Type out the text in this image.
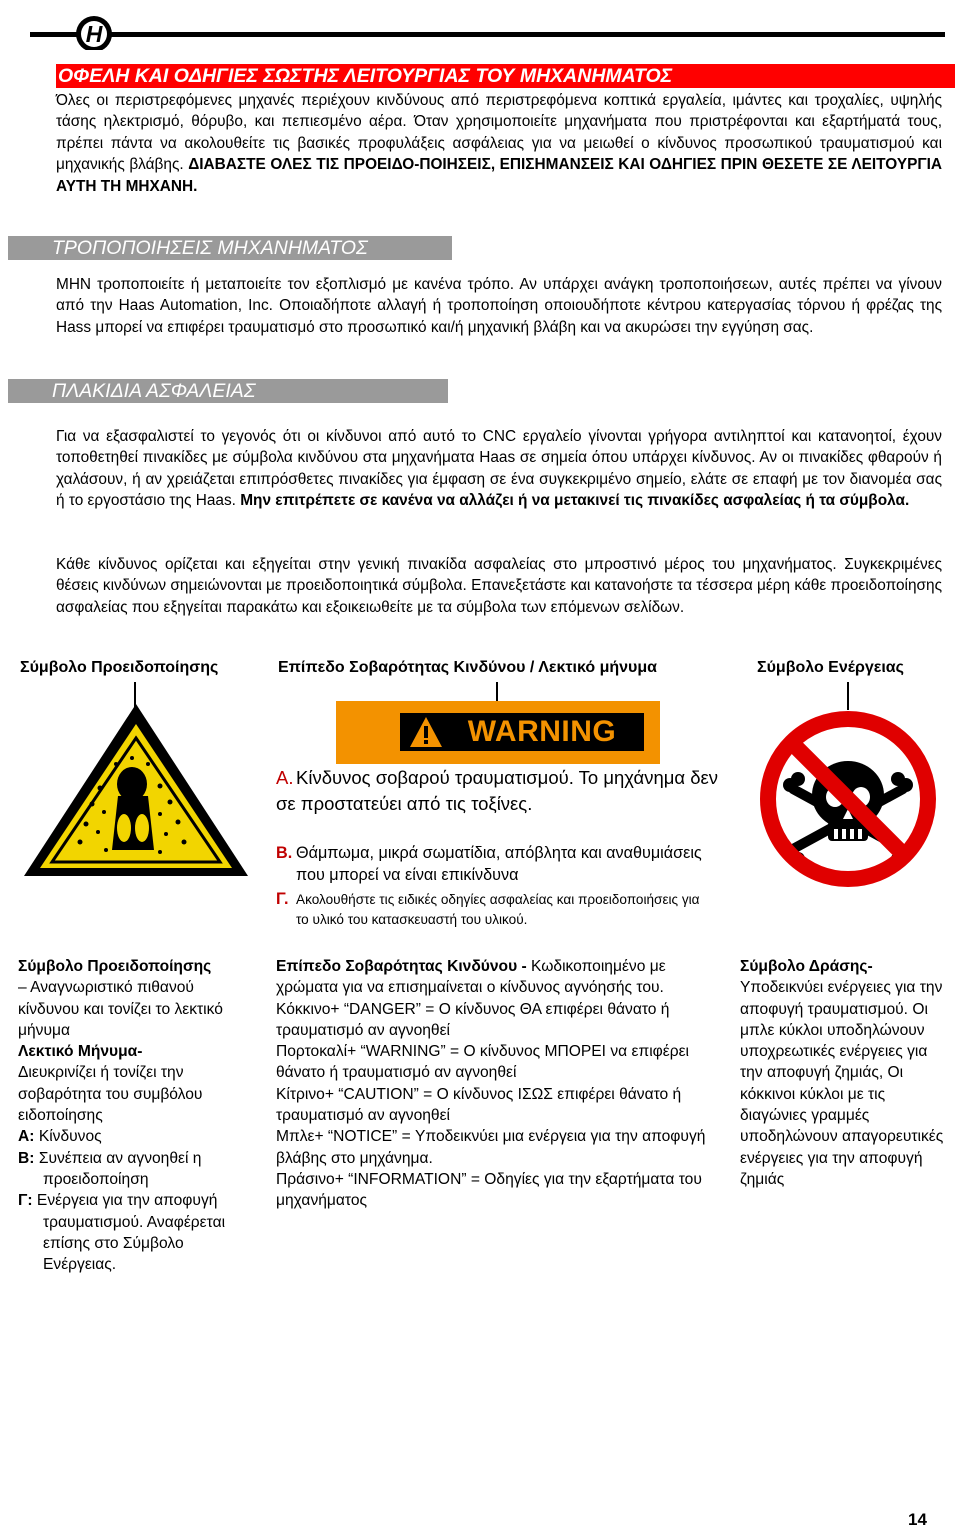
H
ΟΦΕΛΗ ΚΑΙ ΟΔΗΓΙΕΣ ΣΩΣΤΗΣ ΛΕΙΤΟΥΡΓΙΑΣ ΤΟΥ ΜΗΧΑΝΗΜΑΤΟΣ

Όλες οι περιστρεφόμενες μηχανές περιέχουν κινδύνους από περιστρεφόμενα κοπτικά εργαλεία, ιμάντες και τροχαλίες, υψηλής τάσης ηλεκτρισμό, θόρυβο, και πεπιεσμένο αέρα. Όταν χρησιμοποιείτε μηχανήματα που πριστρέφονται και εξαρτήματά τους, πρέπει πάντα να ακολουθείτε τις βασικές προφυλάξεις ασφάλειας για να μειωθεί ο κίνδυνος προσωπικού τραυματισμού και μηχανικής βλάβης. ΔΙΑΒΑΣΤΕ ΟΛΕΣ ΤΙΣ ΠΡΟΕΙΔΟ-ΠΟΙΗΣΕΙΣ, ΕΠΙΣΗΜΑΝΣΕΙΣ ΚΑΙ ΟΔΗΓΙΕΣ ΠΡΙΝ ΘΕΣΕΤΕ ΣΕ ΛΕΙΤΟΥΡΓΙΑ ΑΥΤΗ ΤΗ ΜΗΧΑΝΗ.

ΤΡΟΠΟΠΟΙΗΣΕΙΣ ΜΗΧΑΝΗΜΑΤΟΣ

ΜΗΝ τροποποιείτε ή μεταποιείτε τον εξοπλισμό με κανένα τρόπο. Αν υπάρχει ανάγκη τροποποιήσεων, αυτές πρέπει να γίνουν από την Haas Automation, Inc. Οποιαδήποτε αλλαγή ή τροποποίηση οποιουδήποτε κέντρου κατεργασίας τόρνου ή φρέζας της Hass μπορεί να επιφέρει τραυματισμό στο προσωπικό και/ή μηχανική βλάβη και να ακυρώσει την εγγύηση σας.

ΠΛΑΚΙΔΙΑ ΑΣΦΑΛΕΙΑΣ

Για να εξασφαλιστεί το γεγονός ότι οι κίνδυνοι από αυτό το CNC εργαλείο γίνονται γρήγορα αντιληπτοί και κατανοητοί, έχουν τοποθετηθεί πινακίδες με σύμβολα κινδύνου στα μηχανήματα Haas σε σημεία όπου υπάρχει κίνδυνος. Αν οι πινακίδες φθαρούν ή χαλάσουν, ή αν χρειάζεται επιπρόσθετες πινακίδες για έμφαση σε ένα συγκεκριμένο σημείο, ελάτε σε επαφή με τον διανομέα σας ή το εργοστάσιο της Haas. Μην επιτρέπετε σε κανένα να αλλάζει ή να μετακινεί τις πινακίδες ασφαλείας ή τα σύμβολα.

Κάθε κίνδυνος ορίζεται και εξηγείται στην γενική πινακίδα ασφαλείας στο μπροστινό μέρος του μηχανήματος. Συγκεκριμένες θέσεις κινδύνων σημειώνονται με προειδοποιητικά σύμβολα. Επανεξετάστε και κατανοήστε τα τέσσερα μέρη κάθε προειδοποίησης ασφαλείας που εξηγείται παρακάτω και εξοικειωθείτε με τα σύμβολα των επόμενων σελίδων.

Σύμβολο Προειδοποίησης	Επίπεδο Σοβαρότητας Κινδύνου / Λεκτικό μήνυμα	Σύμβολο Ενέργειας
WARNING
Α. Κίνδυνος σοβαρού τραυματισμού. Το μηχάνημα δεν σε προστατεύει από τις τοξίνες.
Β. Θάμπωμα, μικρά σωματίδια, απόβλητα και αναθυμιάσεις που μπορεί να είναι επικίνδυνα
Γ. Ακολουθήστε τις ειδικές οδηγίες ασφαλείας και προειδοποιήσεις για το υλικό του κατασκευαστή του υλικού.
Σύμβολο Προειδοποίησης
– Αναγνωριστικό πιθανού κίνδυνου και τονίζει το λεκτικό μήνυμα
Λεκτικό Μήνυμα-
Διευκρινίζει ή τονίζει την σοβαρότητα του συμβόλου ειδοποίησης
Α: Κίνδυνος
Β: Συνέπεια αν αγνοηθεί η προειδοποίηση
Γ: Ενέργεια για την αποφυγή τραυματισμού. Αναφέρεται επίσης στο Σύμβολο Ενέργειας.
Επίπεδο Σοβαρότητας Κινδύνου - Κωδικοποιημένο με χρώματα για να επισημαίνεται ο κίνδυνος αγνόησής του.
Κόκκινο+ “DANGER” = Ο κίνδυνος ΘΑ επιφέρει θάνατο ή τραυματισμό αν αγνοηθεί
Πορτοκαλί+ “WARNING” = Ο κίνδυνος ΜΠΟΡΕΙ να επιφέρει θάνατο ή τραυματισμό αν αγνοηθεί
Κίτρινο+ “CAUTION” = Ο κίνδυνος ΙΣΩΣ επιφέρει θάνατο ή τραυματισμό αν αγνοηθεί
Μπλε+ “NOTICE” = Υποδεικνύει μια ενέργεια για την αποφυγή βλάβης στο μηχάνημα.
Πράσινο+ “INFORMATION” = Οδηγίες για την εξαρτήματα του μηχανήματος
Σύμβολο Δράσης-
Υποδεικνύει ενέργειες για την αποφυγή τραυματισμού. Οι μπλε κύκλοι υποδηλώνουν υποχρεωτικές ενέργειες για την αποφυγή ζημιάς, Οι κόκκινοι κύκλοι με τις διαγώνιες γραμμές υποδηλώνουν απαγορευτικές ενέργειες για την αποφυγή ζημιάς
14
